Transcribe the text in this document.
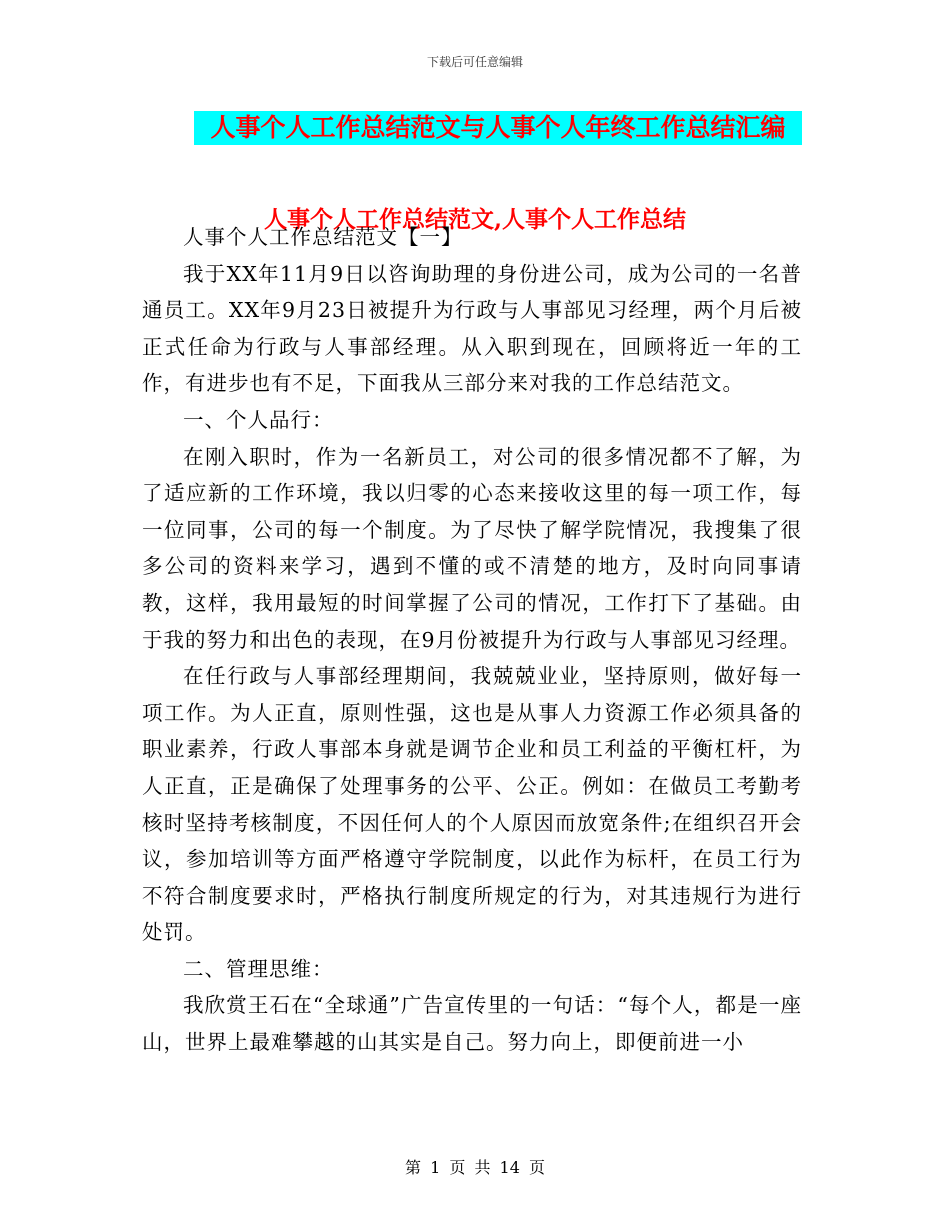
下载后可任意编辑
人事个人工作总结范文与人事个人年终工作总结汇编
人事个人工作总结范文,人事个人工作总结

人事个人工作总结范文【一】

我于XX年11月9日以咨询助理的身份进公司，成为公司的一名普通员工。XX年9月23日被提升为行政与人事部见习经理，两个月后被正式任命为行政与人事部经理。从入职到现在，回顾将近一年的工作，有进步也有不足，下面我从三部分来对我的工作总结范文。

一、个人品行：

在刚入职时，作为一名新员工，对公司的很多情况都不了解，为了适应新的工作环境，我以归零的心态来接收这里的每一项工作，每一位同事，公司的每一个制度。为了尽快了解学院情况，我搜集了很多公司的资料来学习，遇到不懂的或不清楚的地方，及时向同事请教，这样，我用最短的时间掌握了公司的情况，工作打下了基础。由于我的努力和出色的表现，在9月份被提升为行政与人事部见习经理。

在任行政与人事部经理期间，我兢兢业业，坚持原则，做好每一项工作。为人正直，原则性强，这也是从事人力资源工作必须具备的职业素养，行政人事部本身就是调节企业和员工利益的平衡杠杆，为人正直，正是确保了处理事务的公平、公正。例如：在做员工考勤考核时坚持考核制度，不因任何人的个人原因而放宽条件;在组织召开会议，参加培训等方面严格遵守学院制度，以此作为标杆，在员工行为不符合制度要求时，严格执行制度所规定的行为，对其违规行为进行处罚。

二、管理思维：

我欣赏王石在“全球通”广告宣传里的一句话：“每个人，都是一座山，世界上最难攀越的山其实是自己。努力向上，即便前进一小

第 1 页 共 14 页
